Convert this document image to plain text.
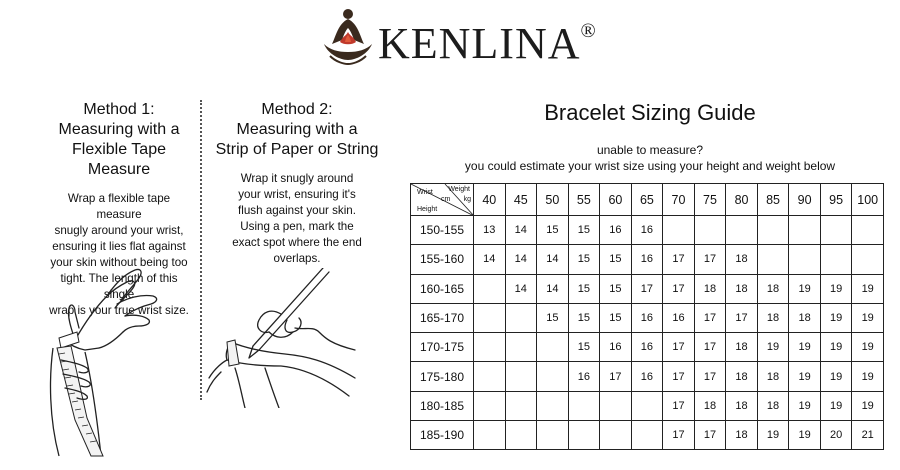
KENLINA®
Method 1:
Measuring with a
Flexible Tape Measure

Wrap a flexible tape measure
snugly around your wrist,
ensuring it lies flat against
your skin without being too
tight. The length of this single
wrap is your true wrist size.

Method 2:
Measuring with a
Strip of Paper or String

Wrap it snugly around
your wrist, ensuring it's
flush against your skin.
Using a pen, mark the
exact spot where the end
overlaps.

Bracelet Sizing Guide
unable to measure?
you could estimate your wrist size using your height and weight below
Wrist Weight
cm kg
Height	40	45	50	55	60	65	70	75	80	85	90	95	100
150-155	13	14	15	15	16	16							
155-160	14	14	14	15	15	16	17	17	18				
160-165		14	14	15	15	17	17	18	18	18	19	19	19
165-170			15	15	15	16	16	17	17	18	18	19	19
170-175				15	16	16	17	17	18	19	19	19	19
175-180				16	17	16	17	17	18	18	19	19	19
180-185							17	18	18	18	19	19	19
185-190							17	17	18	19	19	20	21
